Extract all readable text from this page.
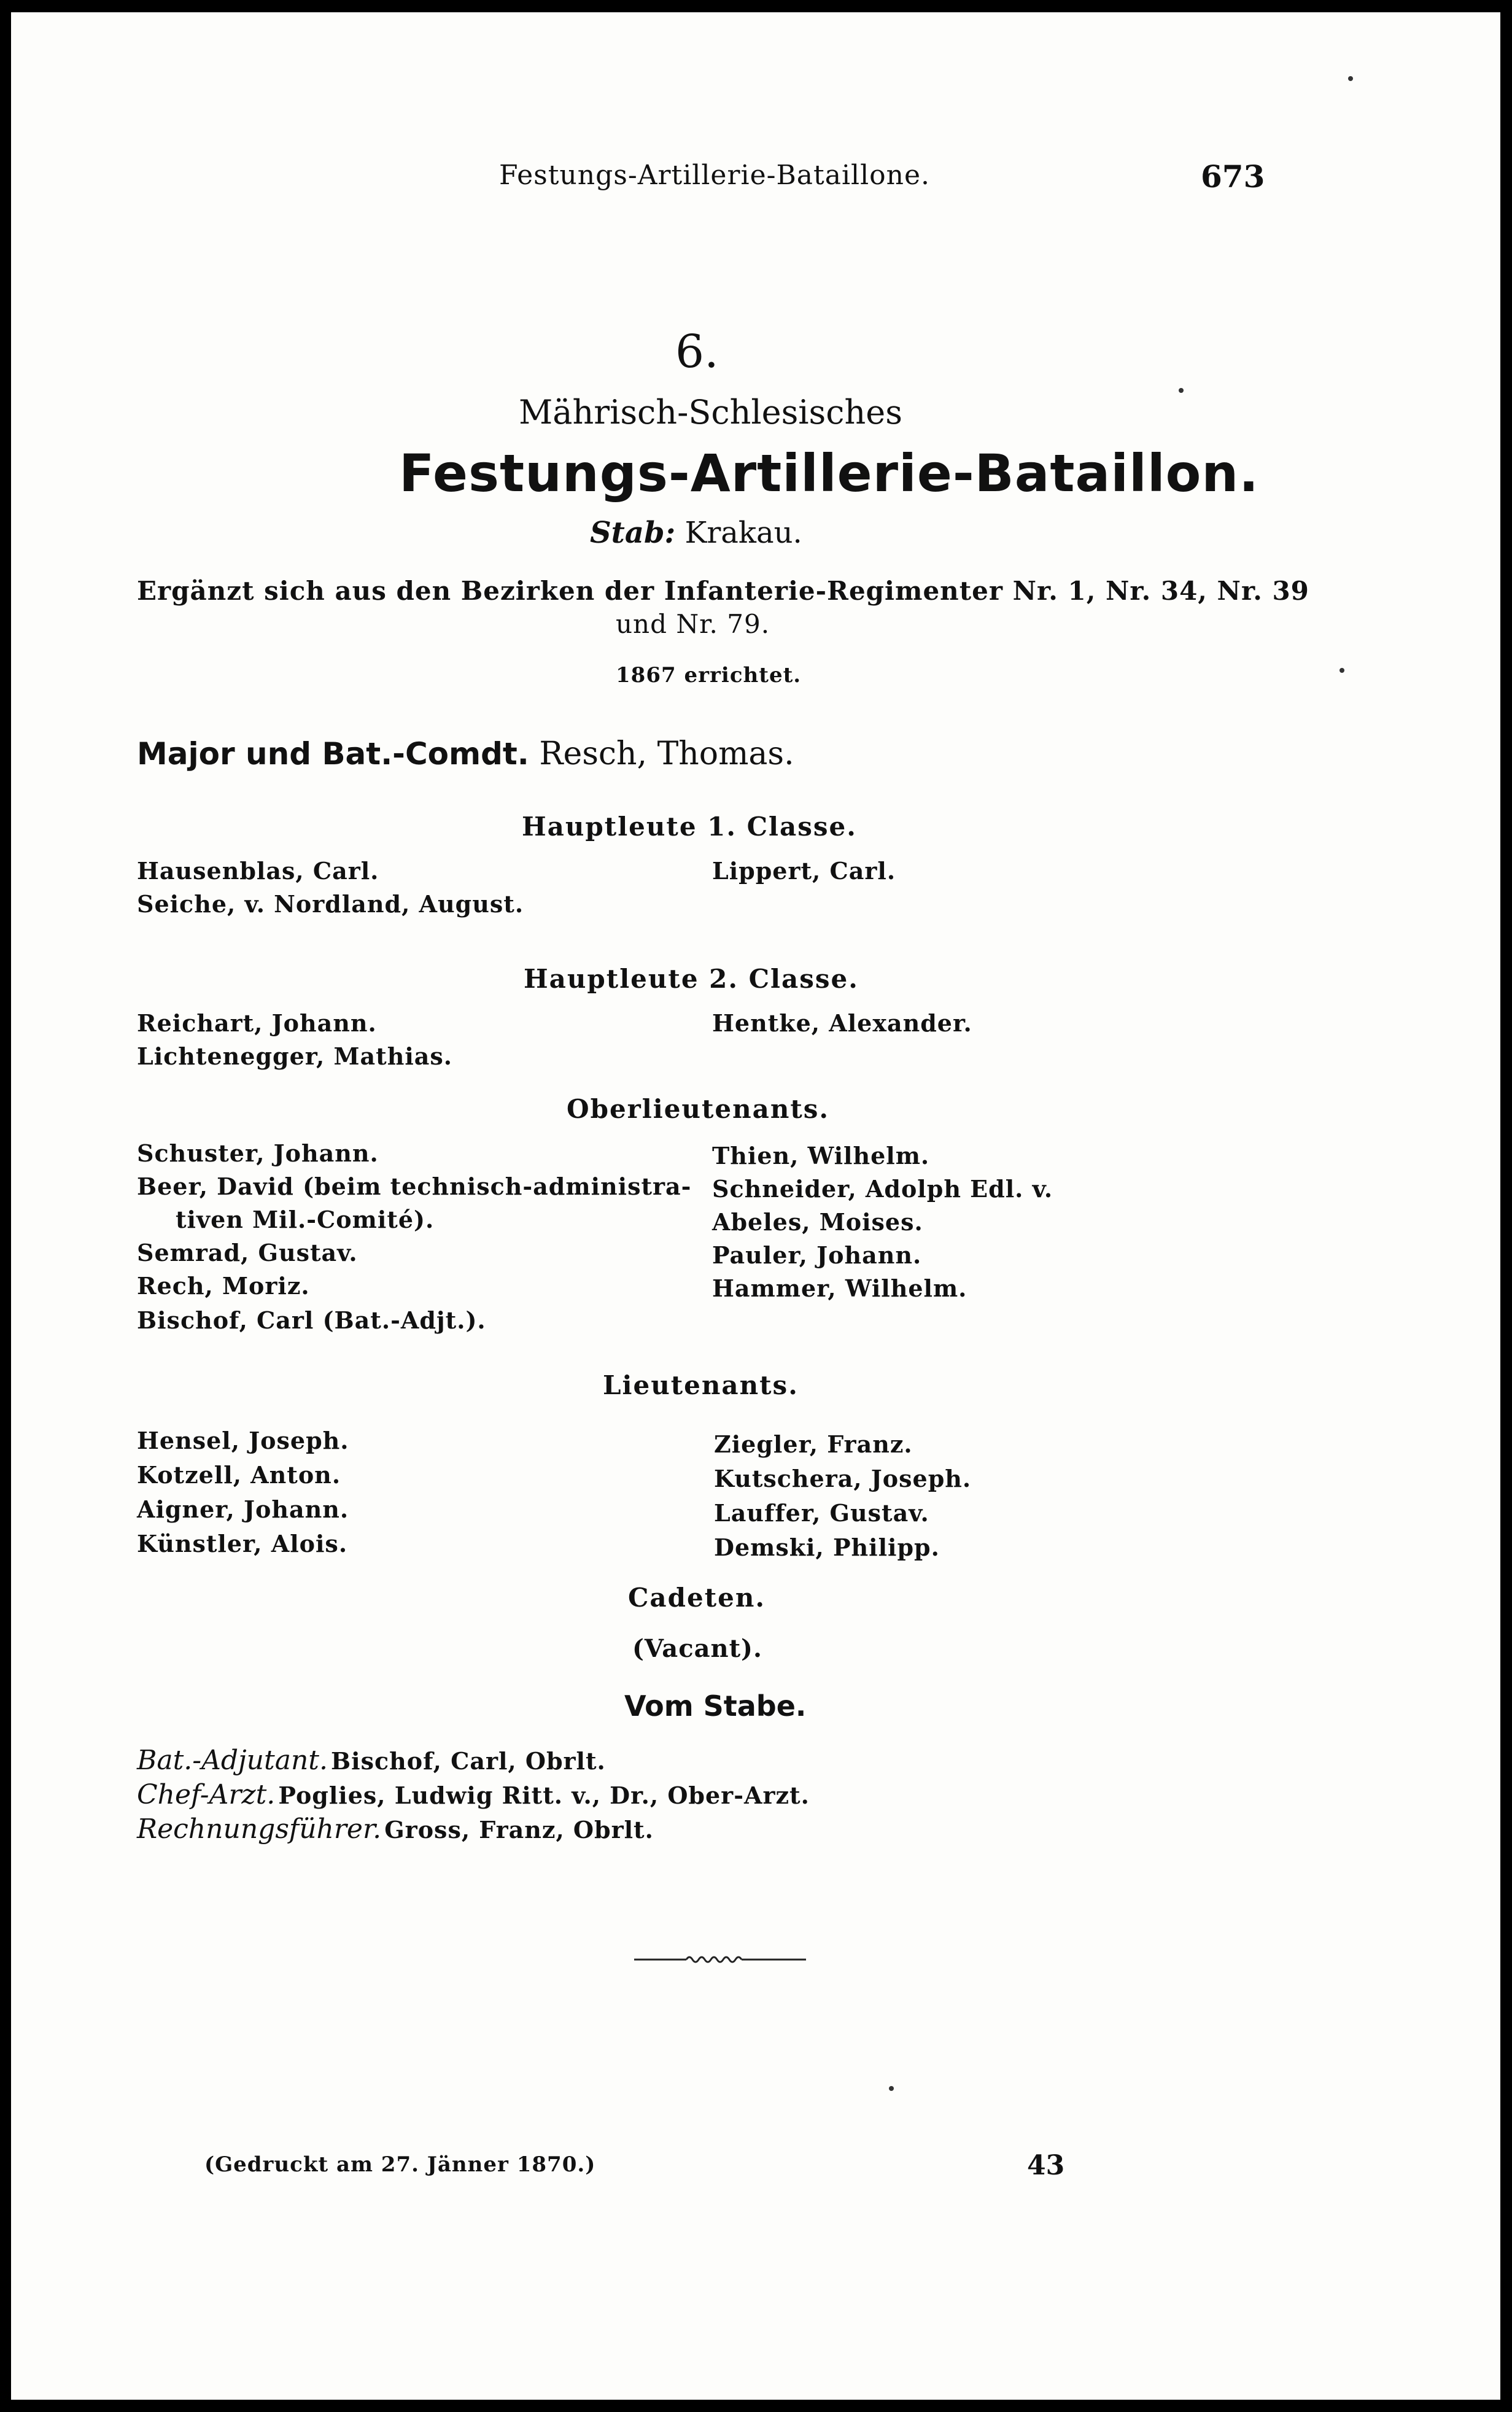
Festungs-Artillerie-Bataillone.	673
6.
Mährisch-Schlesisches
Festungs-Artillerie-Bataillon.
Stab: Krakau.
Ergänzt sich aus den Bezirken der Infanterie-Regimenter Nr. 1, Nr. 34, Nr. 39
und Nr. 79.
1867 errichtet.
Major und Bat.-Comdt. Resch, Thomas.
Hauptleute 1. Classe.
Hausenblas, Carl.
Seiche, v. Nordland, August.
Lippert, Carl.
Hauptleute 2. Classe.
Reichart, Johann.
Lichtenegger, Mathias.
Hentke, Alexander.
Oberlieutenants.
Schuster, Johann.
Beer, David (beim technisch-administra-
tiven Mil.-Comité).
Semrad, Gustav.
Rech, Moriz.
Bischof, Carl (Bat.-Adjt.).
Thien, Wilhelm.
Schneider, Adolph Edl. v.
Abeles, Moises.
Pauler, Johann.
Hammer, Wilhelm.
Lieutenants.
Hensel, Joseph.
Kotzell, Anton.
Aigner, Johann.
Künstler, Alois.
Ziegler, Franz.
Kutschera, Joseph.
Lauffer, Gustav.
Demski, Philipp.
Cadeten.
(Vacant).
Vom Stabe.
Bat.-Adjutant. Bischof, Carl, Obrlt.
Chef-Arzt. Poglies, Ludwig Ritt. v., Dr., Ober-Arzt.
Rechnungsführer. Gross, Franz, Obrlt.
(Gedruckt am 27. Jänner 1870.)	43
